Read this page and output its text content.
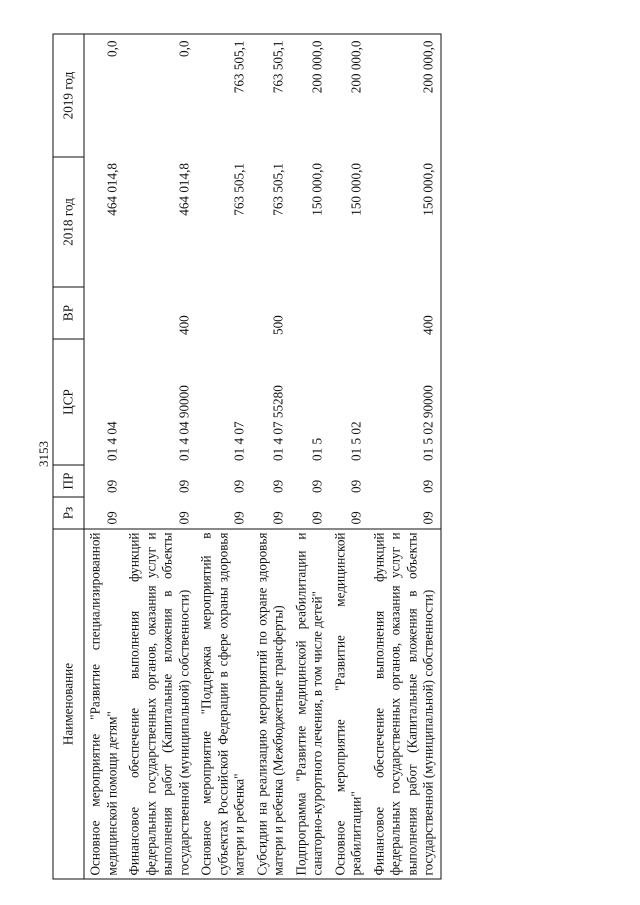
3153
Наименование	Рз	ПР	ЦСР	ВР	2018 год	2019 год
Основное мероприятие "Развитие специализированной медицинской помощи детям"	09	09	01 4 04		464 014,8	0,0
Финансовое обеспечение выполнения функций федеральных государственных органов, оказания услуг и выполнения работ (Капитальные вложения в объекты государственной (муниципальной) собственности)	09	09	01 4 04 90000	400	464 014,8	0,0
Основное мероприятие "Поддержка мероприятий в субъектах Российской Федерации в сфере охраны здоровья матери и ребенка"	09	09	01 4 07		763 505,1	763 505,1
Субсидии на реализацию мероприятий по охране здоровья матери и ребенка (Межбюджетные трансферты)	09	09	01 4 07 55280	500	763 505,1	763 505,1
Подпрограмма "Развитие медицинской реабилитации и санаторно-курортного лечения, в том числе детей"	09	09	01 5		150 000,0	200 000,0
Основное мероприятие "Развитие медицинской реабилитации"	09	09	01 5 02		150 000,0	200 000,0
Финансовое обеспечение выполнения функций федеральных государственных органов, оказания услуг и выполнения работ (Капитальные вложения в объекты государственной (муниципальной) собственности)	09	09	01 5 02 90000	400	150 000,0	200 000,0
